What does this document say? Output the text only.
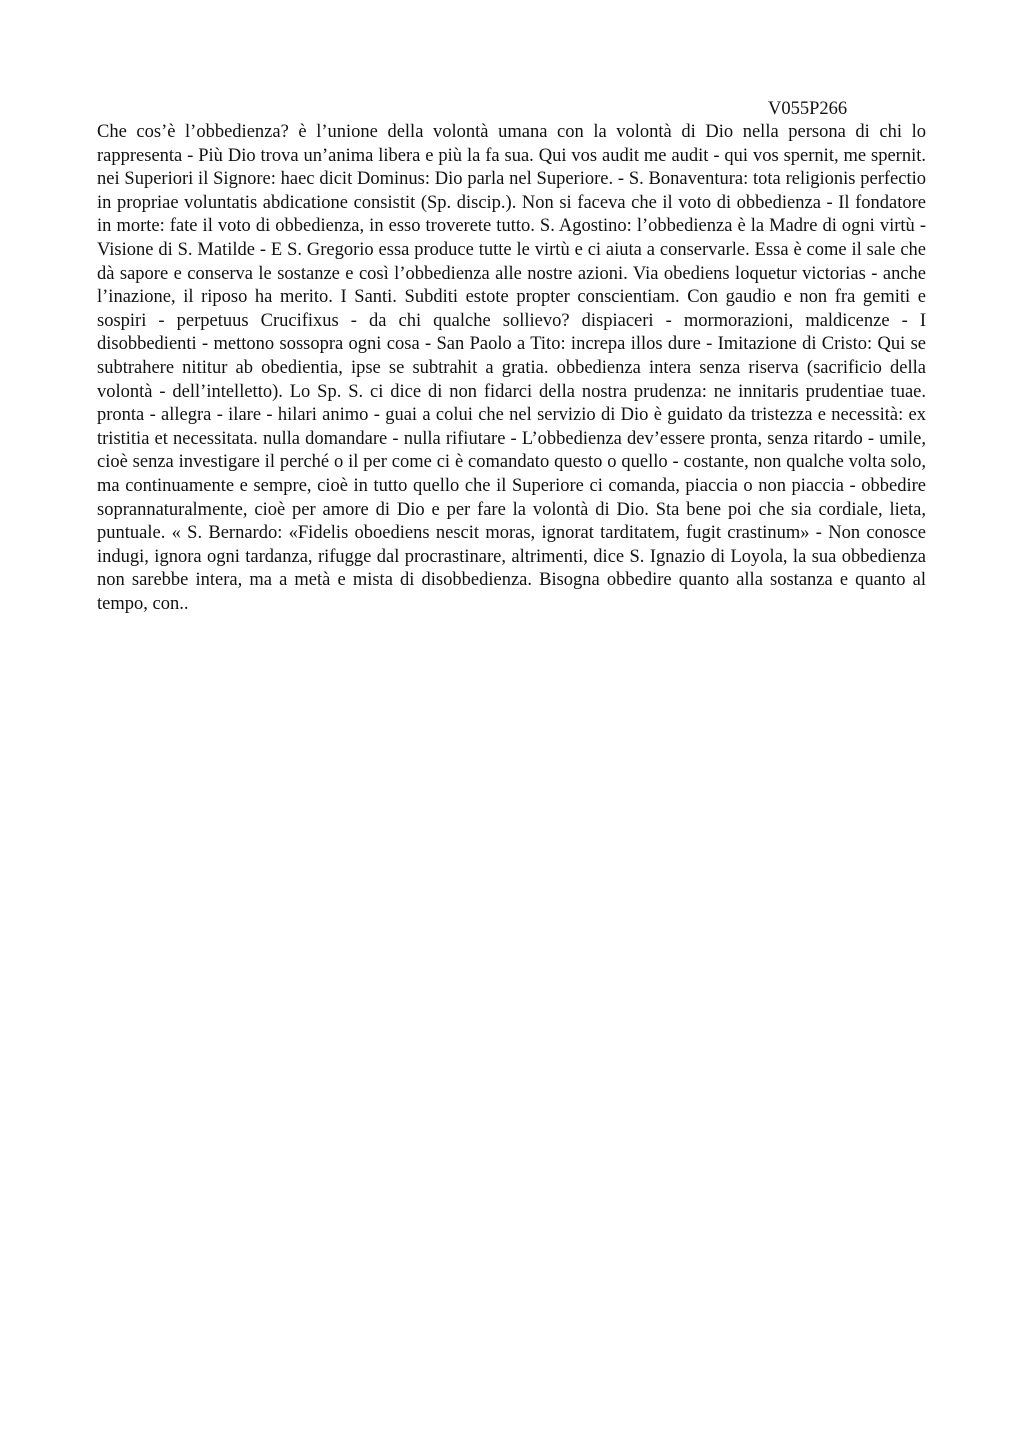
V055P266

Che cos’è l’obbedienza? è l’unione della volontà umana con la volontà di Dio nella persona di chi lo rappresenta - Più Dio trova un’anima libera e più la fa sua. Qui vos audit me audit - qui vos spernit, me spernit. nei Superiori il Signore: haec dicit Dominus: Dio parla nel Superiore. - S. Bonaventura: tota religionis perfectio in propriae voluntatis abdicatione consistit (Sp. discip.). Non si faceva che il voto di obbedienza - Il fondatore in morte: fate il voto di obbedienza, in esso troverete tutto. S. Agostino: l’obbedienza è la Madre di ogni virtù - Visione di S. Matilde - E S. Gregorio essa produce tutte le virtù e ci aiuta a conservarle. Essa è come il sale che dà sapore e conserva le sostanze e così l’obbedienza alle nostre azioni. Via obediens loquetur victorias - anche l’inazione, il riposo ha merito. I Santi. Subditi estote propter conscientiam. Con gaudio e non fra gemiti e sospiri - perpetuus Crucifixus - da chi qualche sollievo? dispiaceri - mormorazioni, maldicenze - I disobbedienti - mettono sossopra ogni cosa - San Paolo a Tito: increpa illos dure - Imitazione di Cristo: Qui se subtrahere nititur ab obedientia, ipse se subtrahit a gratia. obbedienza intera senza riserva (sacrificio della volontà - dell’intelletto). Lo Sp. S. ci dice di non fidarci della nostra prudenza: ne innitaris prudentiae tuae. pronta - allegra - ilare - hilari animo - guai a colui che nel servizio di Dio è guidato da tristezza e necessità: ex tristitia et necessitata. nulla domandare - nulla rifiutare - L’obbedienza dev’essere pronta, senza ritardo - umile, cioè senza investigare il perché o il per come ci è comandato questo o quello - costante, non qualche volta solo, ma continuamente e sempre, cioè in tutto quello che il Superiore ci comanda, piaccia o non piaccia - obbedire soprannaturalmente, cioè per amore di Dio e per fare la volontà di Dio. Sta bene poi che sia cordiale, lieta, puntuale. « S. Bernardo: «Fidelis oboediens nescit moras, ignorat tarditatem, fugit crastinum» - Non conosce indugi, ignora ogni tardanza, rifugge dal procrastinare, altrimenti, dice S. Ignazio di Loyola, la sua obbedienza non sarebbe intera, ma a metà e mista di disobbedienza. Bisogna obbedire quanto alla sostanza e quanto al tempo, con..
